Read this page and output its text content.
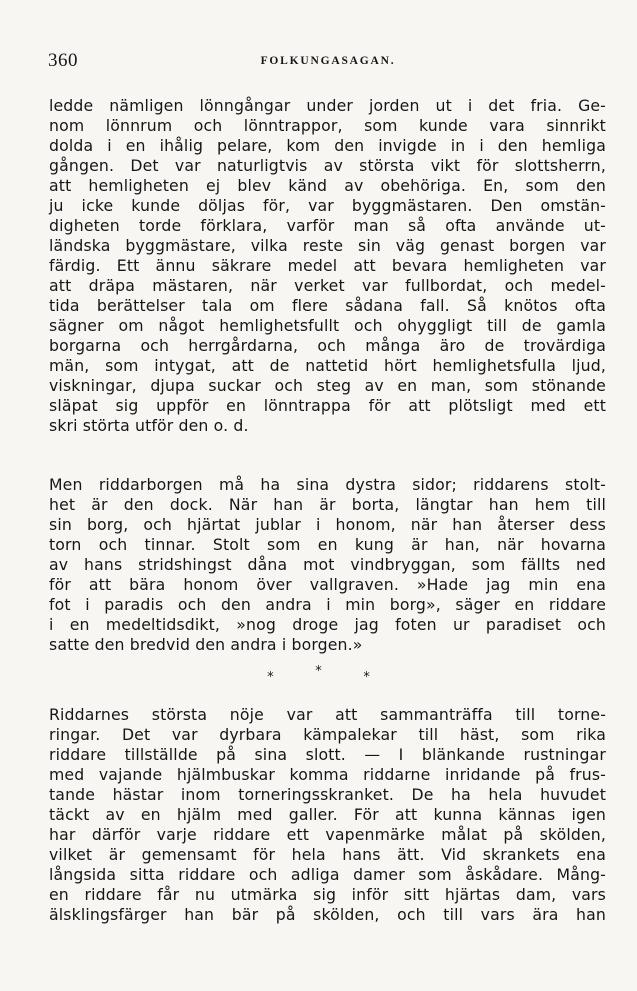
360	FOLKUNGASAGAN.
ledde nämligen lönngångar under jorden ut i det fria. Ge-
nom lönnrum och lönntrappor, som kunde vara sinnrikt
dolda i en ihålig pelare, kom den invigde in i den hemliga
gången. Det var naturligtvis av största vikt för slottsherrn,
att hemligheten ej blev känd av obehöriga. En, som den
ju icke kunde döljas för, var byggmästaren. Den omstän-
digheten torde förklara, varför man så ofta använde ut-
ländska byggmästare, vilka reste sin väg genast borgen var
färdig. Ett ännu säkrare medel att bevara hemligheten var
att dräpa mästaren, när verket var fullbordat, och medel-
tida berättelser tala om flere sådana fall. Så knötos ofta
sägner om något hemlighetsfullt och ohyggligt till de gamla
borgarna och herrgårdarna, och många äro de trovärdiga
män, som intygat, att de nattetid hört hemlighetsfulla ljud,
viskningar, djupa suckar och steg av en man, som stönande
släpat sig uppför en lönntrappa för att plötsligt med ett
skri störta utför den o. d.
Men riddarborgen må ha sina dystra sidor; riddarens stolt-
het är den dock. När han är borta, längtar han hem till
sin borg, och hjärtat jublar i honom, när han återser dess
torn och tinnar. Stolt som en kung är han, när hovarna
av hans stridshingst dåna mot vindbryggan, som fällts ned
för att bära honom över vallgraven. »Hade jag min ena
fot i paradis och den andra i min borg», säger en riddare
i en medeltidsdikt, »nog droge jag foten ur paradiset och
satte den bredvid den andra i borgen.»
*	*	*
Riddarnes största nöje var att sammanträffa till torne-
ringar. Det var dyrbara kämpalekar till häst, som rika
riddare tillställde på sina slott. — I blänkande rustningar
med vajande hjälmbuskar komma riddarne inridande på frus-
tande hästar inom torneringsskranket. De ha hela huvudet
täckt av en hjälm med galler. För att kunna kännas igen
har därför varje riddare ett vapenmärke målat på skölden,
vilket är gemensamt för hela hans ätt. Vid skrankets ena
långsida sitta riddare och adliga damer som åskådare. Mång-
en riddare får nu utmärka sig inför sitt hjärtas dam, vars
älsklingsfärger han bär på skölden, och till vars ära han
